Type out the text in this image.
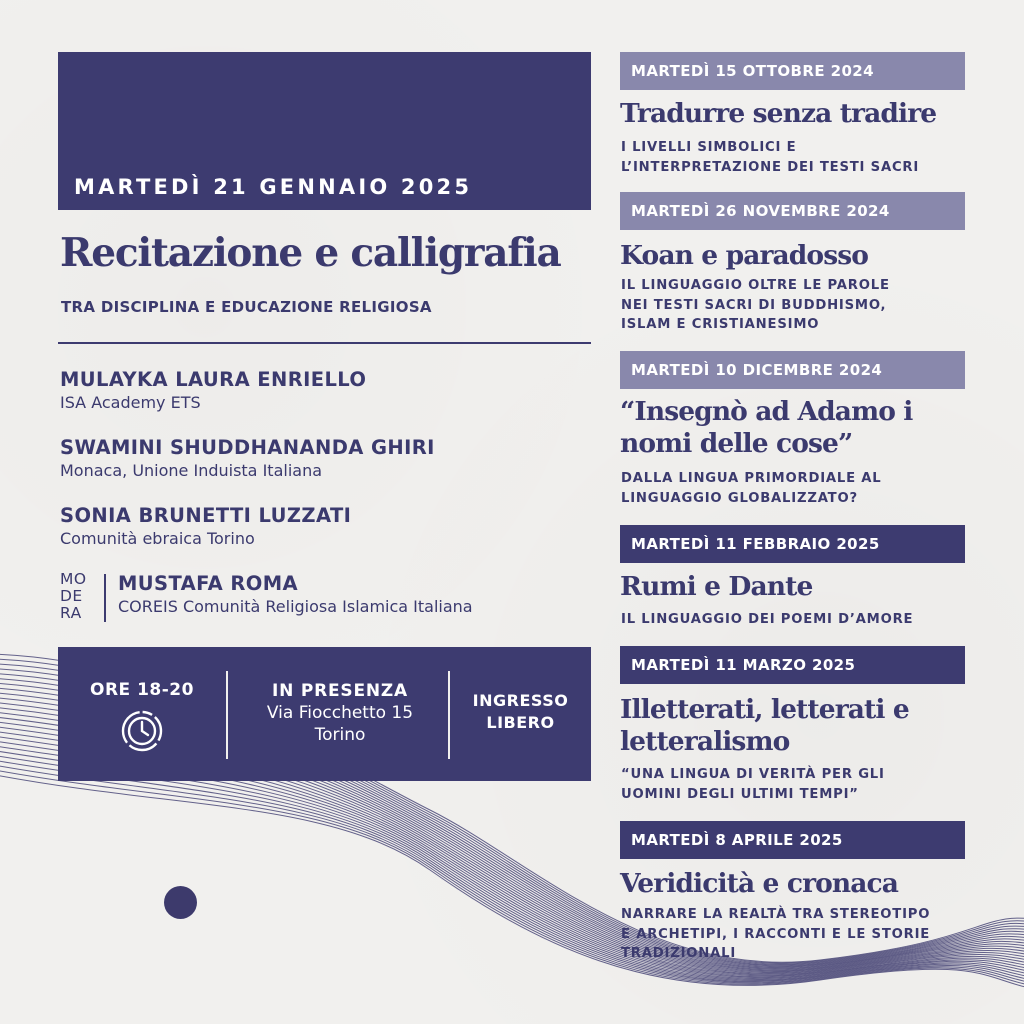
MARTEDÌ 21 GENNAIO 2025
Recitazione e calligrafia
TRA DISCIPLINA E EDUCAZIONE RELIGIOSA
MULAYKA LAURA ENRIELLO
ISA Academy ETS
SWAMINI SHUDDHANANDA GHIRI
Monaca, Unione Induista Italiana
SONIA BRUNETTI LUZZATI
Comunità ebraica Torino
MO
DE
RA
MUSTAFA ROMA
COREIS Comunità Religiosa Islamica Italiana
ORE 18-20	IN PRESENZA
Via Fiocchetto 15
Torino
INGRESSO
LIBERO
MARTEDÌ 15 OTTOBRE 2024
Tradurre senza tradire
I LIVELLI SIMBOLICI E
L’INTERPRETAZIONE DEI TESTI SACRI
MARTEDÌ 26 NOVEMBRE 2024
Koan e paradosso
IL LINGUAGGIO OLTRE LE PAROLE
NEI TESTI SACRI DI BUDDHISMO,
ISLAM E CRISTIANESIMO
MARTEDÌ 10 DICEMBRE 2024
“Insegnò ad Adamo i
nomi delle cose”
DALLA LINGUA PRIMORDIALE AL
LINGUAGGIO GLOBALIZZATO?
MARTEDÌ 11 FEBBRAIO 2025
Rumi e Dante
IL LINGUAGGIO DEI POEMI D’AMORE
MARTEDÌ 11 MARZO 2025
Illetterati, letterati e
letteralismo
“UNA LINGUA DI VERITÀ PER GLI
UOMINI DEGLI ULTIMI TEMPI”
MARTEDÌ 8 APRILE 2025
Veridicità e cronaca
NARRARE LA REALTÀ TRA STEREOTIPO
E ARCHETIPI, I RACCONTI E LE STORIE
TRADIZIONALI
